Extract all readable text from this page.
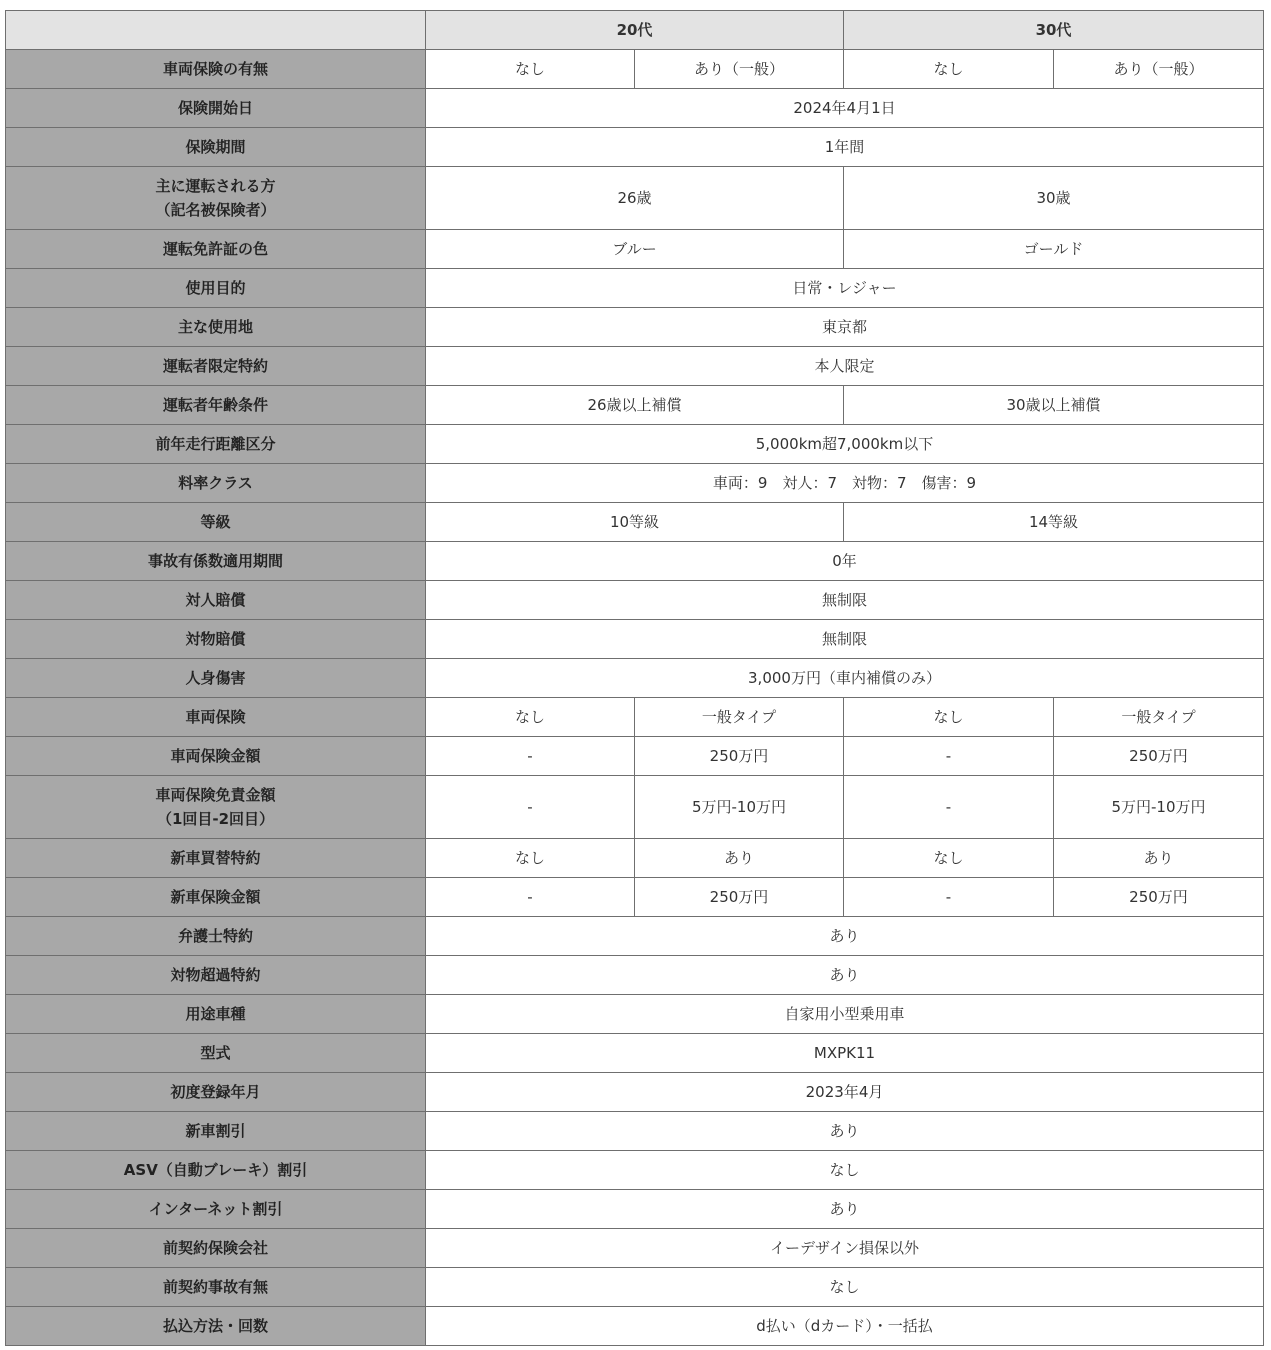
	20代		30代	
車両保険の有無	なし	あり（一般）	なし	あり（一般）
保険開始日	2024年4月1日			
保険期間	1年間			
主に運転される方
（記名被保険者）	26歳		30歳	
運転免許証の色	ブルー		ゴールド	
使用目的	日常・レジャー			
主な使用地	東京都			
運転者限定特約	本人限定			
運転者年齢条件	26歳以上補償		30歳以上補償	
前年走行距離区分	5,000km超7,000km以下			
料率クラス	車両：9　対人：7　対物：7　傷害：9			
等級	10等級		14等級	
事故有係数適用期間	0年			
対人賠償	無制限			
対物賠償	無制限			
人身傷害	3,000万円（車内補償のみ）			
車両保険	なし	一般タイプ	なし	一般タイプ
車両保険金額	-	250万円	-	250万円
車両保険免責金額
（1回目-2回目）	-	5万円-10万円	-	5万円-10万円
新車買替特約	なし	あり	なし	あり
新車保険金額	-	250万円	-	250万円
弁護士特約	あり			
対物超過特約	あり			
用途車種	自家用小型乗用車			
型式	MXPK11			
初度登録年月	2023年4月			
新車割引	あり			
ASV（自動ブレーキ）割引	なし			
インターネット割引	あり			
前契約保険会社	イーデザイン損保以外			
前契約事故有無	なし			
払込方法・回数	d払い（dカード）・一括払			
